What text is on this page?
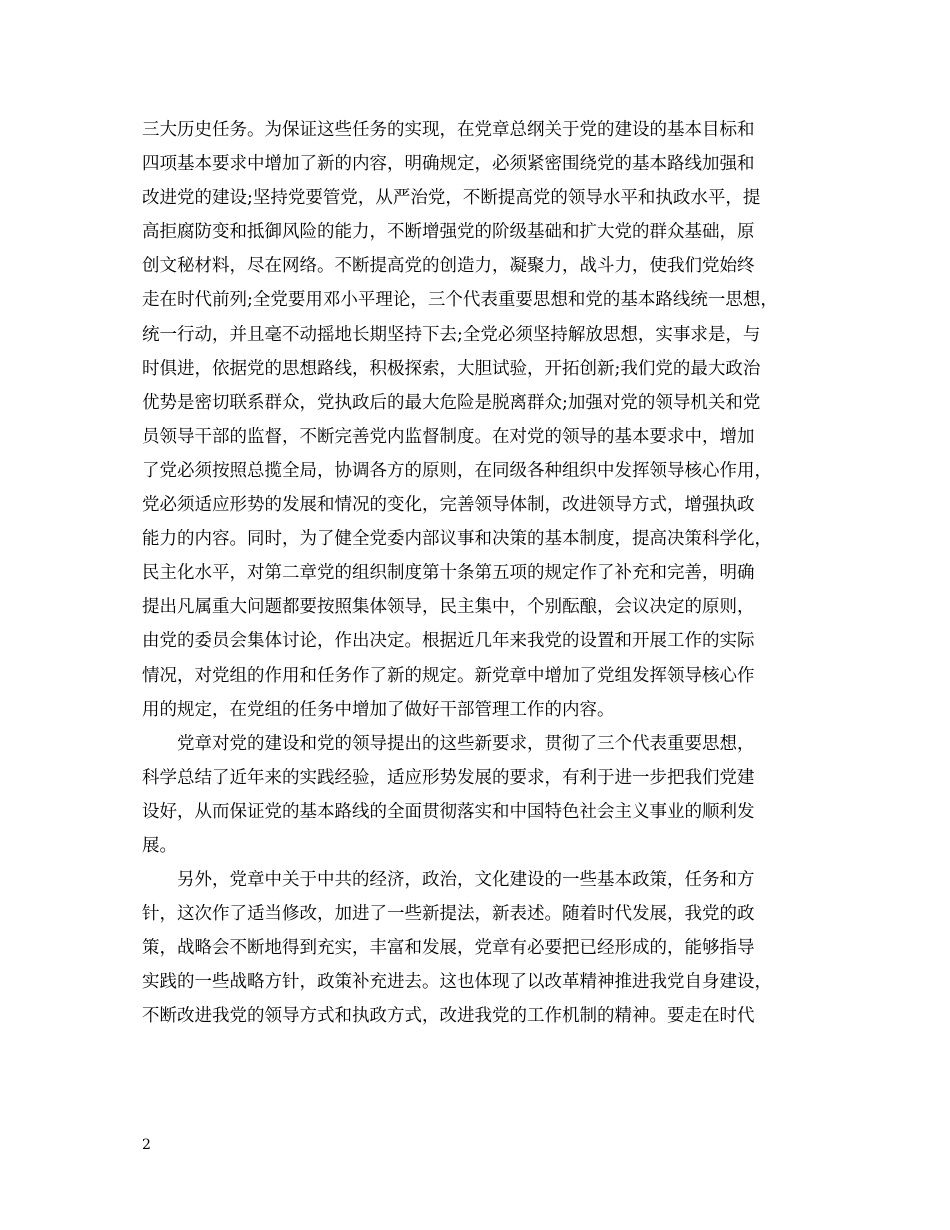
三大历史任务。为保证这些任务的实现，在党章总纲关于党的建设的基本目标和
四项基本要求中增加了新的内容，明确规定，必须紧密围绕党的基本路线加强和
改进党的建设;坚持党要管党，从严治党，不断提高党的领导水平和执政水平，提
高拒腐防变和抵御风险的能力，不断增强党的阶级基础和扩大党的群众基础，原
创文秘材料，尽在网络。不断提高党的创造力，凝聚力，战斗力，使我们党始终
走在时代前列;全党要用邓小平理论，三个代表重要思想和党的基本路线统一思想，
统一行动，并且毫不动摇地长期坚持下去;全党必须坚持解放思想，实事求是，与
时俱进，依据党的思想路线，积极探索，大胆试验，开拓创新;我们党的最大政治
优势是密切联系群众，党执政后的最大危险是脱离群众;加强对党的领导机关和党
员领导干部的监督，不断完善党内监督制度。在对党的领导的基本要求中，增加
了党必须按照总揽全局，协调各方的原则，在同级各种组织中发挥领导核心作用，
党必须适应形势的发展和情况的变化，完善领导体制，改进领导方式，增强执政
能力的内容。同时，为了健全党委内部议事和决策的基本制度，提高决策科学化，
民主化水平，对第二章党的组织制度第十条第五项的规定作了补充和完善，明确
提出凡属重大问题都要按照集体领导，民主集中，个别酝酿，会议决定的原则，
由党的委员会集体讨论，作出决定。根据近几年来我党的设置和开展工作的实际
情况，对党组的作用和任务作了新的规定。新党章中增加了党组发挥领导核心作
用的规定，在党组的任务中增加了做好干部管理工作的内容。
党章对党的建设和党的领导提出的这些新要求，贯彻了三个代表重要思想，
科学总结了近年来的实践经验，适应形势发展的要求，有利于进一步把我们党建
设好，从而保证党的基本路线的全面贯彻落实和中国特色社会主义事业的顺利发
展。
另外，党章中关于中共的经济，政治，文化建设的一些基本政策，任务和方
针，这次作了适当修改，加进了一些新提法，新表述。随着时代发展，我党的政
策，战略会不断地得到充实，丰富和发展，党章有必要把已经形成的，能够指导
实践的一些战略方针，政策补充进去。这也体现了以改革精神推进我党自身建设，
不断改进我党的领导方式和执政方式，改进我党的工作机制的精神。要走在时代
2
